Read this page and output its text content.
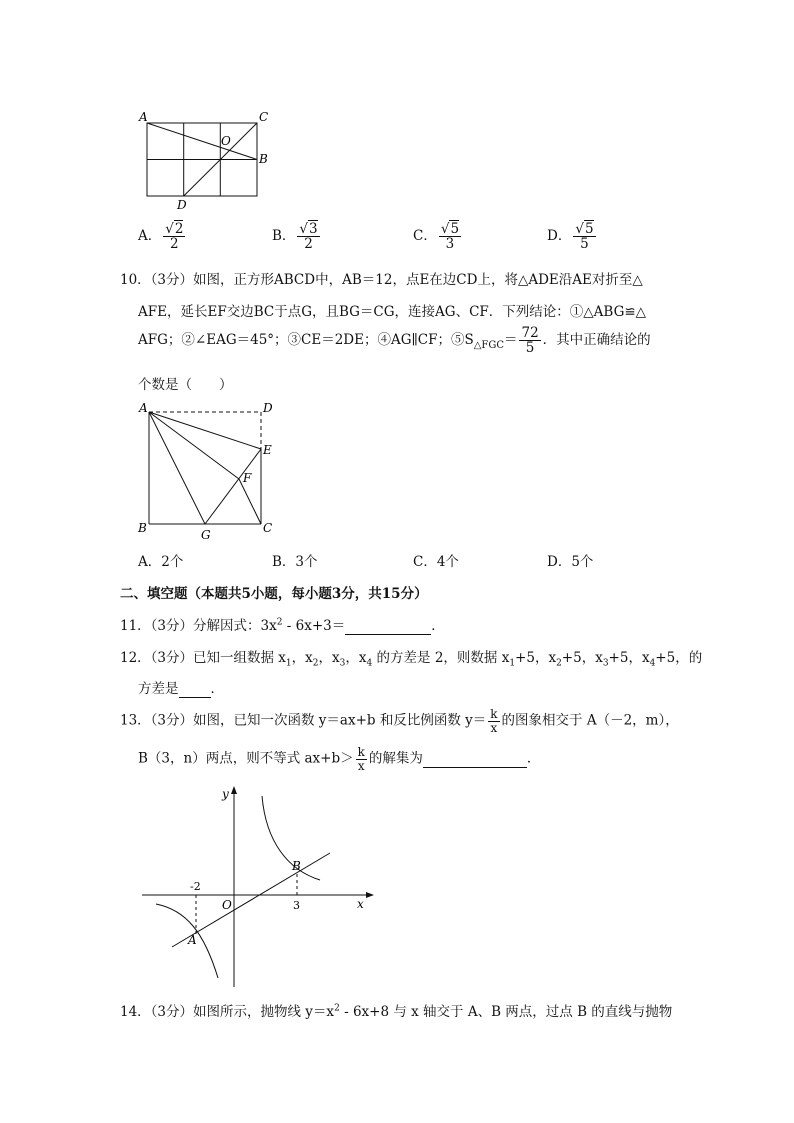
A	C
O
B
D
A． $\frac{√2}{2}$	B． $\frac{√3}{2}$	C． $\frac{√5}{3}$	D． $\frac{√5}{5}$
10．（3分）如图，正方形ABCD中，AB＝12，点E在边CD上，将△ADE沿AE对折至△
AFE，延长EF交边BC于点G，且BG＝CG，连接AG、CF．下列结论：①△ABG≌△
AFG；②∠EAG＝45°；③CE＝2DE；④AG∥CF；$⑤S_{\triangle FGC}= \frac{72}{5}$ ．其中正确结论的
个数是（　　）
A	D
E
F
B	G	C
A．2个	B．3个	C．4个	D．5个
二、填空题（本题共5小题，每小题3分，共15分）
11．（3分）分解因式：$3x^2 - 6x+3=$	．
12．（3分）已知一组数据 $x_1$，$x_2$，$x_3$，$x_4$ 的方差是 2，则数据 $x_1+5$，$x_2+5$，$x_3+5$，$x_4+5$，的
方差是 ．
13．（3分）如图，已知一次函数 y＝ax+b 和反比例函数 $y= \frac{k}{x}$ 的图象相交于 A（－2，m），
B（3，n）两点，则不等式 $ax+b> \frac{k}{x}$ 的解集为	．
y
x
O
A
B
-2
3
14．（3分）如图所示，抛物线 $y=x^2 - 6x+8$ 与 x 轴交于 A、B 两点，过点 B 的直线与抛物
